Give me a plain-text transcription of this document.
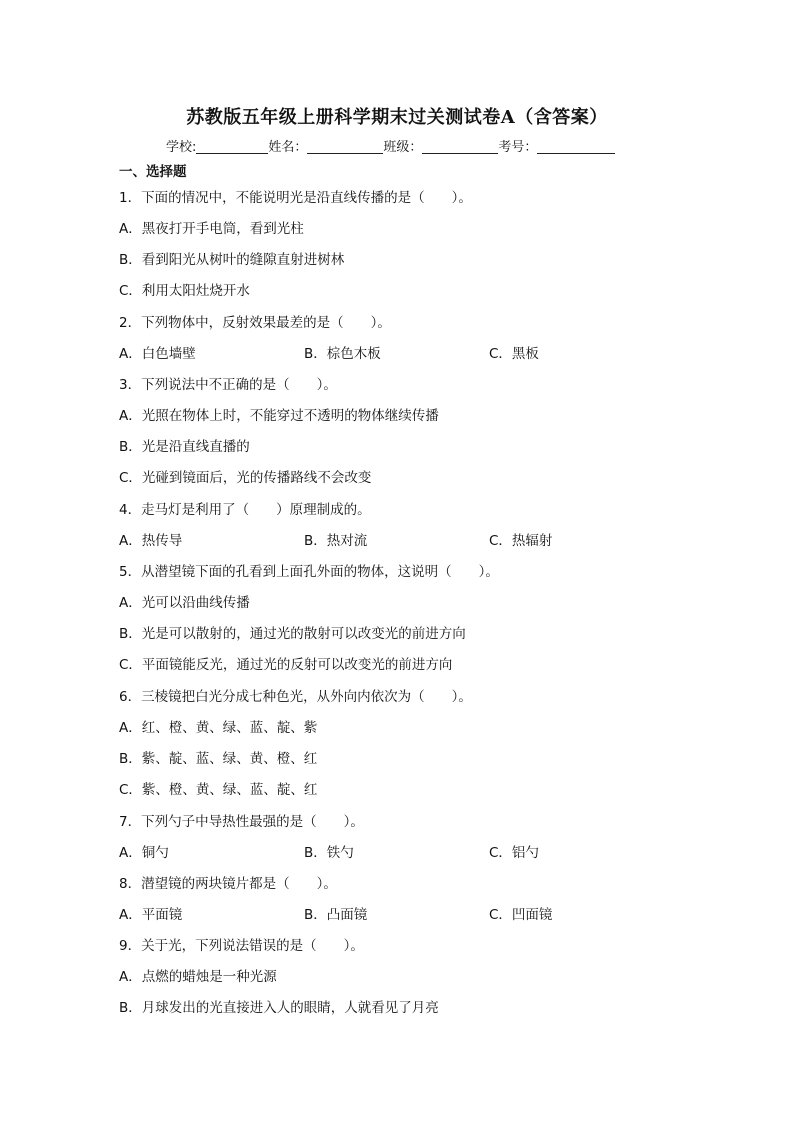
苏教版五年级上册科学期末过关测试卷A（含答案）
学校:	姓名：	班级：	考号：
一、选择题
1．下面的情况中，不能说明光是沿直线传播的是（　　）。
A．黑夜打开手电筒，看到光柱
B．看到阳光从树叶的缝隙直射进树林
C．利用太阳灶烧开水
2．下列物体中，反射效果最差的是（　　）。
A．白色墙壁	B．棕色木板	C．黑板
3．下列说法中不正确的是（　　）。
A．光照在物体上时，不能穿过不透明的物体继续传播
B．光是沿直线直播的
C．光碰到镜面后，光的传播路线不会改变
4．走马灯是利用了（　　）原理制成的。
A．热传导	B．热对流	C．热辐射
5．从潜望镜下面的孔看到上面孔外面的物体，这说明（　　）。
A．光可以沿曲线传播
B．光是可以散射的，通过光的散射可以改变光的前进方向
C．平面镜能反光，通过光的反射可以改变光的前进方向
6．三棱镜把白光分成七种色光，从外向内依次为（　　）。
A．红、橙、黄、绿、蓝、靛、紫
B．紫、靛、蓝、绿、黄、橙、红
C．紫、橙、黄、绿、蓝、靛、红
7．下列勺子中导热性最强的是（　　）。
A．铜勺	B．铁勺	C．铝勺
8．潜望镜的两块镜片都是（　　）。
A．平面镜	B．凸面镜	C．凹面镜
9．关于光，下列说法错误的是（　　）。
A．点燃的蜡烛是一种光源
B．月球发出的光直接进入人的眼睛，人就看见了月亮
